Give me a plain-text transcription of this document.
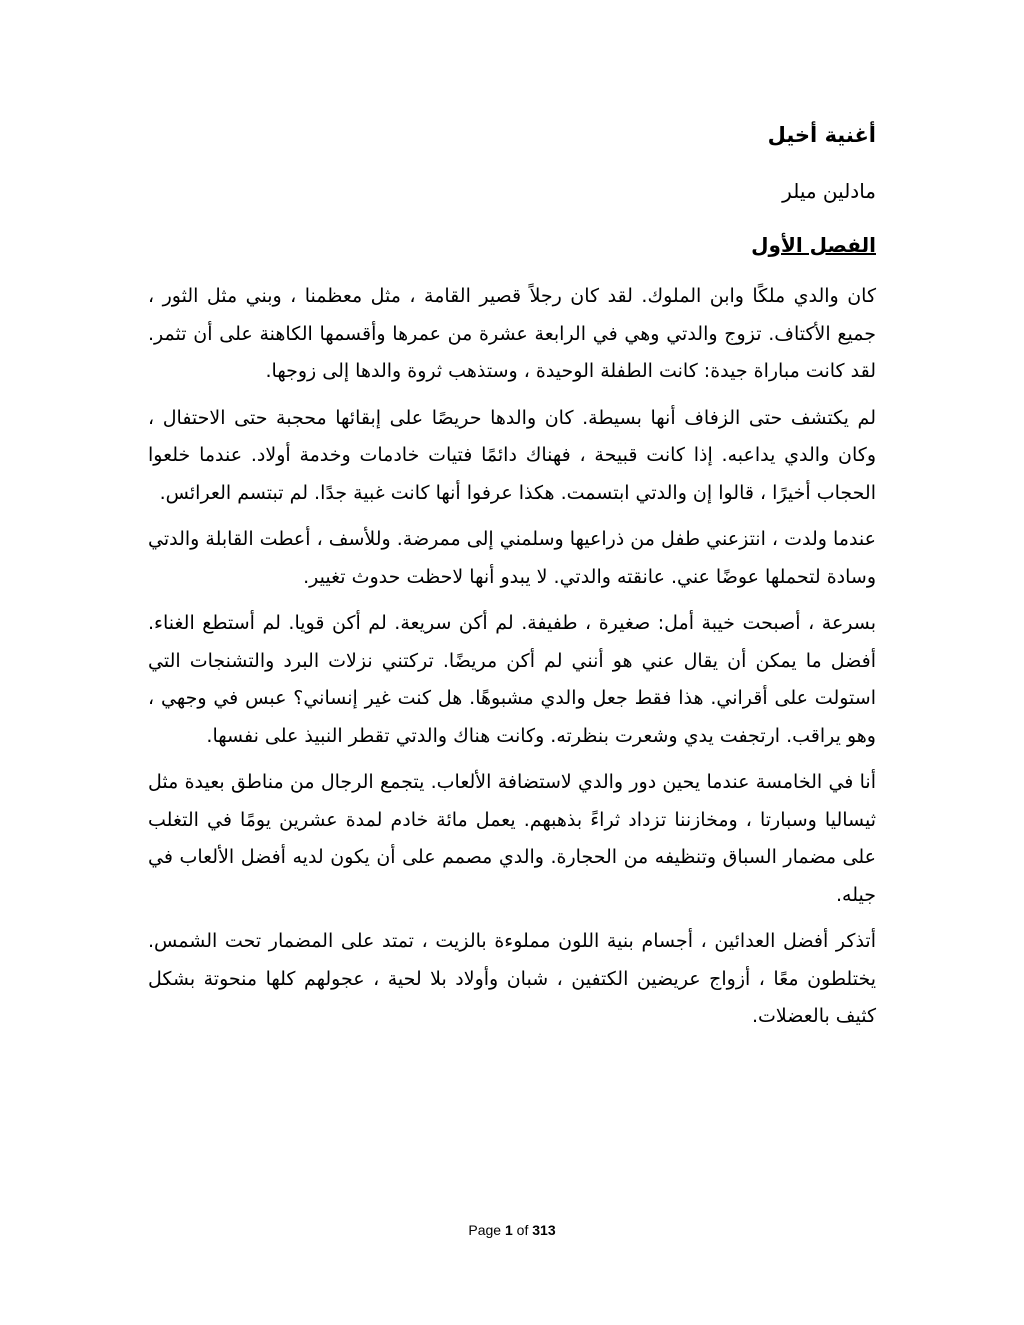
أغنية أخيل
مادلين ميلر
الفصل الأول

كان والدي ملكًا وابن الملوك. لقد كان رجلاً قصير القامة ، مثل معظمنا ، وبني مثل الثور ، جميع الأكتاف. تزوج والدتي وهي في الرابعة عشرة من عمرها وأقسمها الكاهنة على أن تثمر. لقد كانت مباراة جيدة: كانت الطفلة الوحيدة ، وستذهب ثروة والدها إلى زوجها.

لم يكتشف حتى الزفاف أنها بسيطة. كان والدها حريصًا على إبقائها محجبة حتى الاحتفال ، وكان والدي يداعبه. إذا كانت قبيحة ، فهناك دائمًا فتيات خادمات وخدمة أولاد. عندما خلعوا الحجاب أخيرًا ، قالوا إن والدتي ابتسمت. هكذا عرفوا أنها كانت غبية جدًا. لم تبتسم العرائس.

عندما ولدت ، انتزعني طفل من ذراعيها وسلمني إلى ممرضة. وللأسف ، أعطت القابلة والدتي وسادة لتحملها عوضًا عني. عانقته والدتي. لا يبدو أنها لاحظت حدوث تغيير.

بسرعة ، أصبحت خيبة أمل: صغيرة ، طفيفة. لم أكن سريعة. لم أكن قويا. لم أستطع الغناء. أفضل ما يمكن أن يقال عني هو أنني لم أكن مريضًا. تركتني نزلات البرد والتشنجات التي استولت على أقراني. هذا فقط جعل والدي مشبوهًا. هل كنت غير إنساني؟ عبس في وجهي ، وهو يراقب. ارتجفت يدي وشعرت بنظرته. وكانت هناك والدتي تقطر النبيذ على نفسها.

أنا في الخامسة عندما يحين دور والدي لاستضافة الألعاب. يتجمع الرجال من مناطق بعيدة مثل ثيساليا وسبارتا ، ومخازننا تزداد ثراءً بذهبهم. يعمل مائة خادم لمدة عشرين يومًا في التغلب على مضمار السباق وتنظيفه من الحجارة. والدي مصمم على أن يكون لديه أفضل الألعاب في جيله.

أتذكر أفضل العدائين ، أجسام بنية اللون مملوءة بالزيت ، تمتد على المضمار تحت الشمس. يختلطون معًا ، أزواج عريضين الكتفين ، شبان وأولاد بلا لحية ، عجولهم كلها منحوتة بشكل كثيف بالعضلات.

Page 1 of 313
